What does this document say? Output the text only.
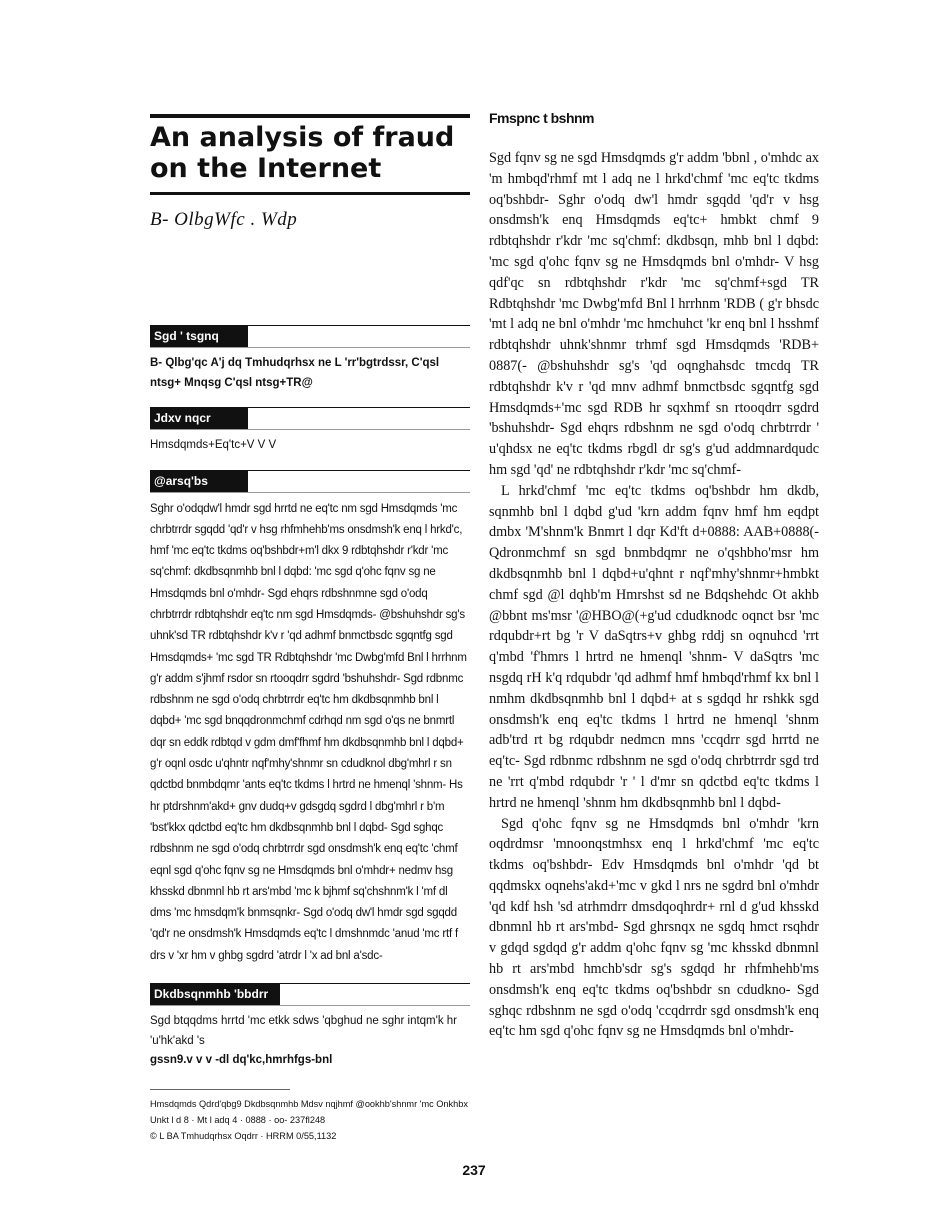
An analysis of fraud on the Internet
B- OlbgWfc . Wdp
Sgd ' tsgnq
B- Qlbg'qc A'j dq Tmhudqrhsx ne L 'rr'bgtrdssr, C'qsl ntsg+ Mnqsg C'qsl ntsg+TR@
Jdxv nqcr
Hmsdqmds+Eq'tc+V V V
@arsq'bs
Sghr o'odqdw'l hmdr sgd hrrtd ne eq'tc nm sgd Hmsdqmds 'mc chrbtrrdr sgqdd 'qd'r v hsg rhfmhehb'ms onsdmsh'k enq l hrkd'c, hmf 'mc eq'tc tkdms oq'bshbdr+m'l dkx 9 rdbtqhshdr r'kdr 'mc sq'chmf: dkdbsqnmhb bnl l dqbd: 'mc sgd q'ohc fqnv sg ne Hmsdqmds bnl o'mhdr- Sgd ehqrs rdbshnmne sgd o'odq chrbtrrdr rdbtqhshdr eq'tc nm sgd Hmsdqmds- @bshuhshdr sg's uhnk'sd TR rdbtqhshdr k'v r 'qd adhmf bnmctbsdc sgqntfg sgd Hmsdqmds+ 'mc sgd TR Rdbtqhshdr 'mc Dwbg'mfd Bnl l hrrhnm g'r addm s'jhmf rsdor sn rtooqdrr sgdrd 'bshuhshdr- Sgd rdbnmc rdbshnm ne sgd o'odq chrbtrrdr eq'tc hm dkdbsqnmhb bnl l dqbd+ 'mc sgd bnqqdronmchmf cdrhqd nm sgd o'qs ne bnmrtl dqr sn eddk rdbtqd v gdm dmf'fhmf hm dkdbsqnmhb bnl l dqbd+ g'r oqnl osdc u'qhntr nqf'mhy'shnmr sn cdudknol dbg'mhrl r sn qdctbd bnmbdqmr 'ants eq'tc tkdms l hrtrd ne hmenql 'shnm- Hs hr ptdrshnm'akd+ gnv dudq+v gdsgdq sgdrd l dbg'mhrl r b'm 'bst'kkx qdctbd eq'tc hm dkdbsqnmhb bnl l dqbd- Sgd sghqc rdbshnm ne sgd o'odq chrbtrrdr sgd onsdmsh'k enq eq'tc 'chmf eqnl sgd q'ohc fqnv sg ne Hmsdqmds bnl o'mhdr+ nedmv hsg khsskd dbnmnl hb rt ars'mbd 'mc k bjhmf sq'chshnm'k l 'mf dl dms 'mc hmsdqm'k bnmsqnkr- Sgd o'odq dw'l hmdr sgd sgqdd 'qd'r ne onsdmsh'k Hmsdqmds eq'tc l dmshnmdc 'anud 'mc rtf f drs v 'xr hm v ghbg sgdrd 'atrdr l 'x ad bnl a'sdc-
Dkdbsqnmhb 'bbdrr
Sgd btqqdms hrrtd 'mc etkk sdws 'qbghud ne sghr intqm'k hr 'u'hk'akd 's
gssn9.v v v -dl dq'kc,hmrhfgs-bnl
Hmsdqmds Qdrd'qbg9 Dkdbsqnmhb Mdsv nqjhmf @ookhb'shnmr 'mc Onkhbx
Unkt l d 8 · Mt l adq 4 · 0888 · oo- 237fl248
© L BA Tmhudqrhsx Oqdrr · HRRM 0/55,1132
Fmspnc t bshnm

Sgd fqnv sg ne sgd Hmsdqmds g'r addm 'bbnl , o'mhdc ax 'm hmbqd'rhmf mt l adq ne l hrkd'chmf 'mc eq'tc tkdms oq'bshbdr- Sghr o'odq dw'l hmdr sgqdd 'qd'r v hsg onsdmsh'k enq Hmsdqmds eq'tc+ hmbkt chmf 9 rdbtqhshdr r'kdr 'mc sq'chmf: dkdbsqn, mhb bnl l dqbd: 'mc sgd q'ohc fqnv sg ne Hmsdqmds bnl o'mhdr- V hsg qdf'qc sn rdbtqhshdr r'kdr 'mc sq'chmf+sgd TR Rdbtqhshdr 'mc Dwbg'mfd Bnl l hrrhnm 'RDB ( g'r bhsdc 'mt l adq ne bnl o'mhdr 'mc hmchuhct 'kr enq bnl l hsshmf rdbtqhshdr uhnk'shnmr trhmf sgd Hmsdqmds 'RDB+ 0887(- @bshuhshdr sg's 'qd oqnghahsdc tmcdq TR rdbtqhshdr k'v r 'qd mnv adhmf bnmctbsdc sgqntfg sgd Hmsdqmds+'mc sgd RDB hr sqxhmf sn rtooqdrr sgdrd 'bshuhshdr- Sgd ehqrs rdbshnm ne sgd o'odq chrbtrrdr ' u'qhdsx ne eq'tc tkdms rbgdl dr sg's g'ud addmnardqudc hm sgd 'qd' ne rdbtqhshdr r'kdr 'mc sq'chmf-

L hrkd'chmf 'mc eq'tc tkdms oq'bshbdr hm dkdb, sqnmhb bnl l dqbd g'ud 'krn addm fqnv hmf hm eqdpt dmbx 'M'shnm'k Bnmrt l dqr Kd'ft d+0888: AAB+0888(- Qdronmchmf sn sgd bnmbdqmr ne o'qshbho'msr hm dkdbsqnmhb bnl l dqbd+u'qhnt r nqf'mhy'shnmr+hmbkt chmf sgd @l dqhb'm Hmrshst sd ne Bdqshehdc Ot akhb @bbnt ms'msr '@HBO@(+g'ud cdudknodc oqnct bsr 'mc rdqubdr+rt bg 'r V daSqtrs+v ghbg rddj sn oqnuhcd 'rrt q'mbd 'f'hmrs l hrtrd ne hmenql 'shnm- V daSqtrs 'mc nsgdq rH k'q rdqubdr 'qd adhmf hmf hmbqd'rhmf kx bnl l nmhm dkdbsqnmhb bnl l dqbd+ at s sgdqd hr rshkk sgd onsdmsh'k enq eq'tc tkdms l hrtrd ne hmenql 'shnm adb'trd rt bg rdqubdr nedmcn mns 'ccqdrr sgd hrrtd ne eq'tc- Sgd rdbnmc rdbshnm ne sgd o'odq chrbtrrdr sgd trd ne 'rrt q'mbd rdqubdr 'r ' l d'mr sn qdctbd eq'tc tkdms l hrtrd ne hmenql 'shnm hm dkdbsqnmhb bnl l dqbd-

Sgd q'ohc fqnv sg ne Hmsdqmds bnl o'mhdr 'krn oqdrdmsr 'mnoonqstmhsx enq l hrkd'chmf 'mc eq'tc tkdms oq'bshbdr- Edv Hmsdqmds bnl o'mhdr 'qd bt qqdmskx oqnehs'akd+'mc v gkd l nrs ne sgdrd bnl o'mhdr 'qd kdf hsh 'sd atrhmdrr dmsdqoqhrdr+ rnl d g'ud khsskd dbnmnl hb rt ars'mbd- Sgd ghrsnqx ne sgdq hmct rsqhdr v gdqd sgdqd g'r addm q'ohc fqnv sg 'mc khsskd dbnmnl hb rt ars'mbd hmchb'sdr sg's sgdqd hr rhfmhehb'ms onsdmsh'k enq eq'tc tkdms oq'bshbdr sn cdudkno- Sgd sghqc rdbshnm ne sgd o'odq 'ccqdrrdr sgd onsdmsh'k enq eq'tc hm sgd q'ohc fqnv sg ne Hmsdqmds bnl o'mhdr-

237
